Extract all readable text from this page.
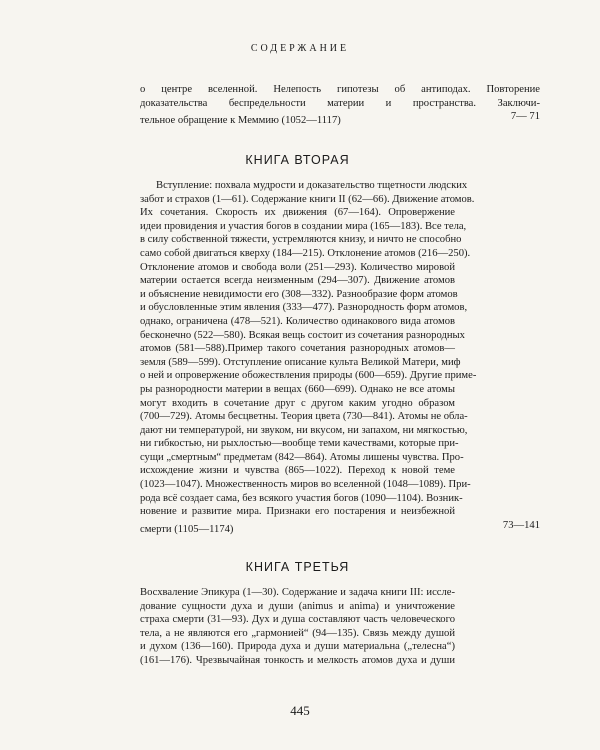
СОДЕРЖАНИЕ
о центре вселенной. Нелепость гипотезы об антиподах. Повторение
доказательства беспредельности материи и пространства. Заключи-
тельное обращение к Меммию (1052—1117)	7— 71
КНИГА ВТОРАЯ
Вступление: похвала мудрости и доказательство тщетности людских
забот и страхов (1—61). Содержание книги II (62—66). Движение атомов.
Их сочетания. Скорость их движения (67—164). Опровержение
идеи провидения и участия богов в создании мира (165—183). Все тела,
в силу собственной тяжести, устремляются книзу, и ничто не способно
само собой двигаться кверху (184—215). Отклонение атомов (216—250).
Отклонение атомов и свобода воли (251—293). Количество мировой
материи остается всегда неизменным (294—307). Движение атомов
и объяснение невидимости его (308—332). Разнообразие форм атомов
и обусловленные этим явления (333—477). Разнородность форм атомов,
однако, ограничена (478—521). Количество одинакового вида атомов
бесконечно (522—580). Всякая вещь состоит из сочетания разнородных
атомов (581—588).Пример такого сочетания разнородных атомов—
земля (589—599). Отступление описание культа Великой Матери, миф
о ней и опровержение обожествления природы (600—659). Другие приме-
ры разнородности материи в вещах (660—699). Однако не все атомы
могут входить в сочетание друг с другом каким угодно образом
(700—729). Атомы бесцветны. Теория цвета (730—841). Атомы не обла-
дают ни температурой, ни звуком, ни вкусом, ни запахом, ни мягкостью,
ни гибкостью, ни рыхлостью—вообще теми качествами, которые при-
сущи „смертным“ предметам (842—864). Атомы лишены чувства. Про-
исхождение жизни и чувства (865—1022). Переход к новой теме
(1023—1047). Множественность миров во вселенной (1048—1089). При-
рода всё создает сама, без всякого участия богов (1090—1104). Возник-
новение и развитие мира. Признаки его постарения и неизбежной
смерти (1105—1174)	73—141
КНИГА ТРЕТЬЯ
Восхваление Эпикура (1—30). Содержание и задача книги III: иссле-
дование сущности духа и души (animus и anima) и уничтожение
страха смерти (31—93). Дух и душа составляют часть человеческого
тела, а не являются его „гармонией“ (94—135). Связь между душой
и духом (136—160). Природа духа и души материальна („телесна“)
(161—176). Чрезвычайная тонкость и мелкость атомов духа и души
445
